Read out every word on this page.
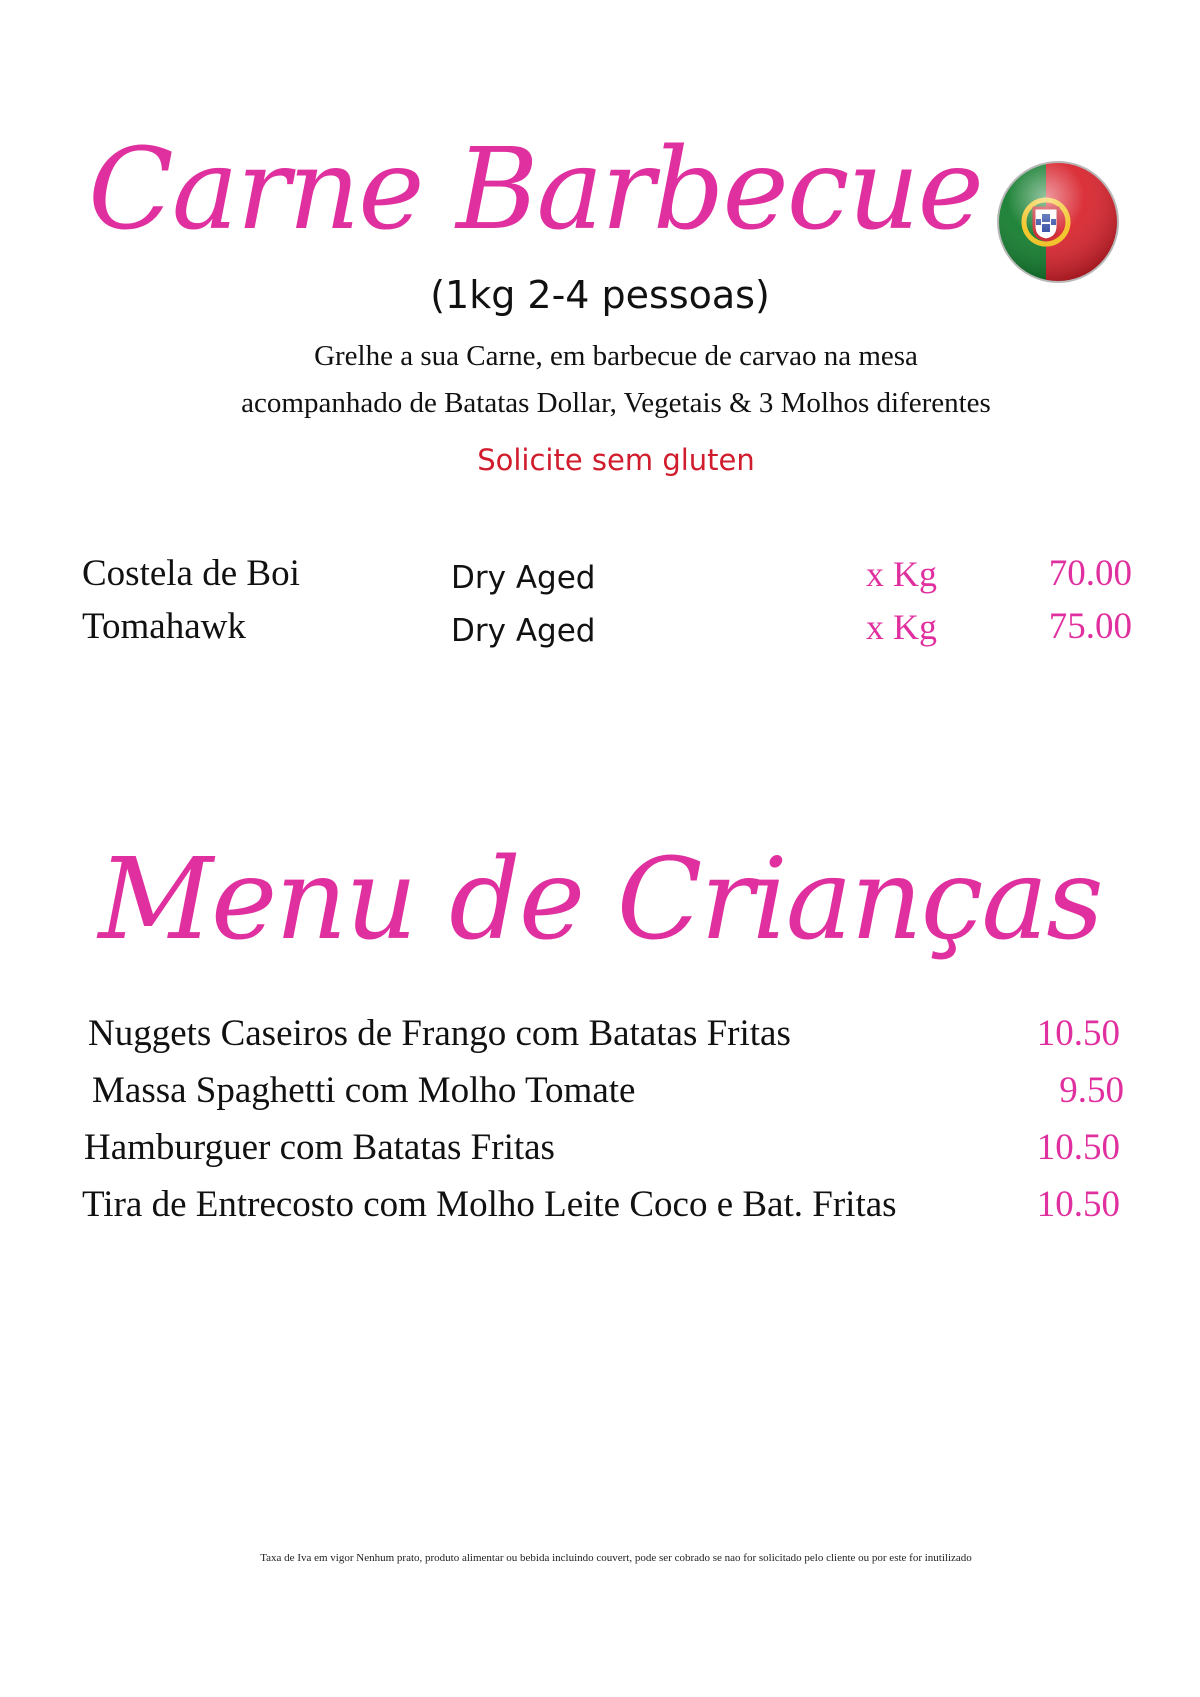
Carne Barbecue
(1kg 2-4 pessoas)
Grelhe a sua Carne, em barbecue de carvao na mesa
acompanhado de Batatas Dollar, Vegetais & 3 Molhos diferentes
Solicite sem gluten
Costela de Boi	Dry Aged	x Kg	70.00
Tomahawk	Dry Aged	x Kg	75.00
Menu de Crianças
Nuggets Caseiros de Frango com Batatas Fritas	10.50
Massa Spaghetti com Molho Tomate	9.50
Hamburguer com Batatas Fritas	10.50
Tira de Entrecosto com Molho Leite Coco e Bat. Fritas	10.50
Taxa de Iva em vigor Nenhum prato, produto alimentar ou bebida incluindo couvert, pode ser cobrado se nao for solicitado pelo cliente ou por este for inutilizado
